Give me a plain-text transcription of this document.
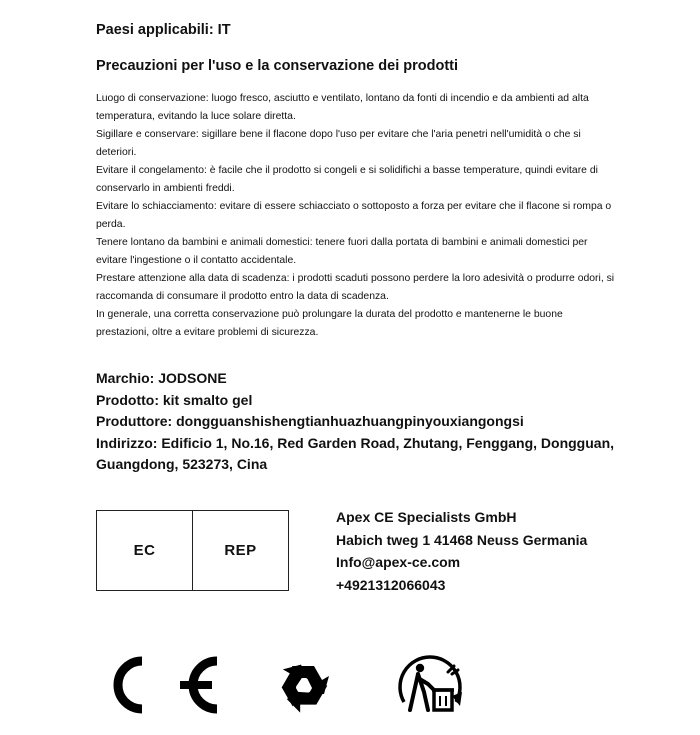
Paesi applicabili: IT
Precauzioni per l'uso e la conservazione dei prodotti

Luogo di conservazione: luogo fresco, asciutto e ventilato, lontano da fonti di incendio e da ambienti ad alta temperatura, evitando la luce solare diretta.

Sigillare e conservare: sigillare bene il flacone dopo l'uso per evitare che l'aria penetri nell'umidità o che si deteriori.

Evitare il congelamento: è facile che il prodotto si congeli e si solidifichi a basse temperature, quindi evitare di conservarlo in ambienti freddi.

Evitare lo schiacciamento: evitare di essere schiacciato o sottoposto a forza per evitare che il flacone si rompa o perda.

Tenere lontano da bambini e animali domestici: tenere fuori dalla portata di bambini e animali domestici per evitare l'ingestione o il contatto accidentale.

Prestare attenzione alla data di scadenza: i prodotti scaduti possono perdere la loro adesività o produrre odori, si raccomanda di consumare il prodotto entro la data di scadenza.

In generale, una corretta conservazione può prolungare la durata del prodotto e mantenerne le buone prestazioni, oltre a evitare problemi di sicurezza.

Marchio: JODSONE
Prodotto: kit smalto gel
Produttore: dongguanshishengtianhuazhuangpinyouxiangongsi
Indirizzo: Edificio 1, No.16, Red Garden Road, Zhutang, Fenggang, Dongguan,
Guangdong, 523273, Cina
EC	REP
Apex CE Specialists GmbH
Habich tweg 1 41468 Neuss Germania
Info@apex-ce.com
+4921312066043
